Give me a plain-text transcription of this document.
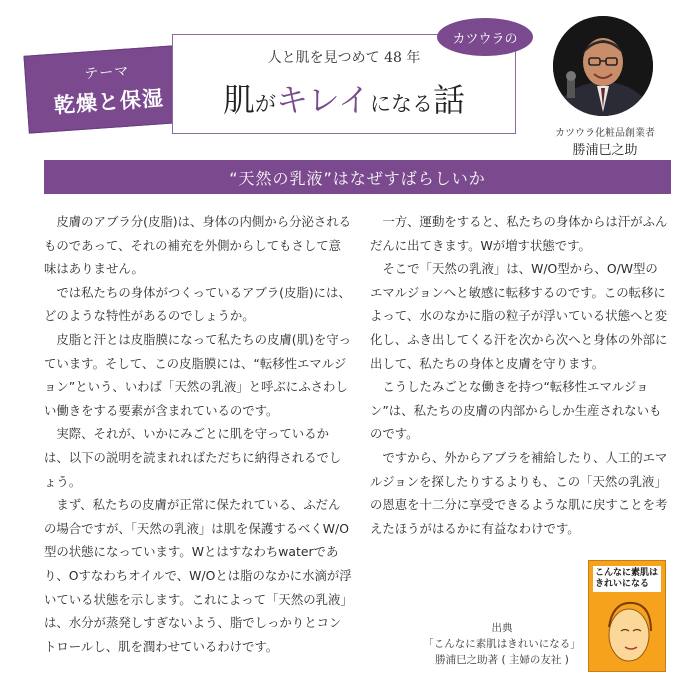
テーマ
乾燥と保湿
人と肌を見つめて 48 年
肌がキレイになる話
カツウラの
カツウラ化粧品創業者
勝浦巳之助
“天然の乳液”はなぜすばらしいか

皮膚のアブラ分(皮脂)は、身体の内側から分泌されるものであって、それの補充を外側からしてもさして意味はありません。

では私たちの身体がつくっているアブラ(皮脂)には、どのような特性があるのでしょうか。

皮脂と汗とは皮脂膜になって私たちの皮膚(肌)を守っています。そして、この皮脂膜には、“転移性エマルジョン”という、いわば「天然の乳液」と呼ぶにふさわしい働きをする要素が含まれているのです。

実際、それが、いかにみごとに肌を守っているかは、以下の説明を読まれればただちに納得されるでしょう。

まず、私たちの皮膚が正常に保たれている、ふだんの場合ですが、「天然の乳液」は肌を保護するべくW/O型の状態になっています。Wとはすなわちwaterであり、Oすなわちオイルで、W/Oとは脂のなかに水滴が浮いている状態を示します。これによって「天然の乳液」は、水分が蒸発しすぎないよう、脂でしっかりとコントロールし、肌を潤わせているわけです。

一方、運動をすると、私たちの身体からは汗がふんだんに出てきます。Wが増す状態です。

そこで「天然の乳液」は、W/O型から、O/W型のエマルジョンへと敏感に転移するのです。この転移によって、水のなかに脂の粒子が浮いている状態へと変化し、ふき出してくる汗を次から次へと身体の外部に出して、私たちの身体と皮膚を守ります。

こうしたみごとな働きを持つ“転移性エマルジョン”は、私たちの皮膚の内部からしか生産されないものです。

ですから、外からアブラを補給したり、人工的エマルジョンを探したりするよりも、この「天然の乳液」の恩恵を十二分に享受できるような肌に戻すことを考えたほうがはるかに有益なわけです。

出典
「こんなに素肌はきれいになる」
勝浦巳之助著 ( 主婦の友社 )
こんなに素肌はきれいになる
